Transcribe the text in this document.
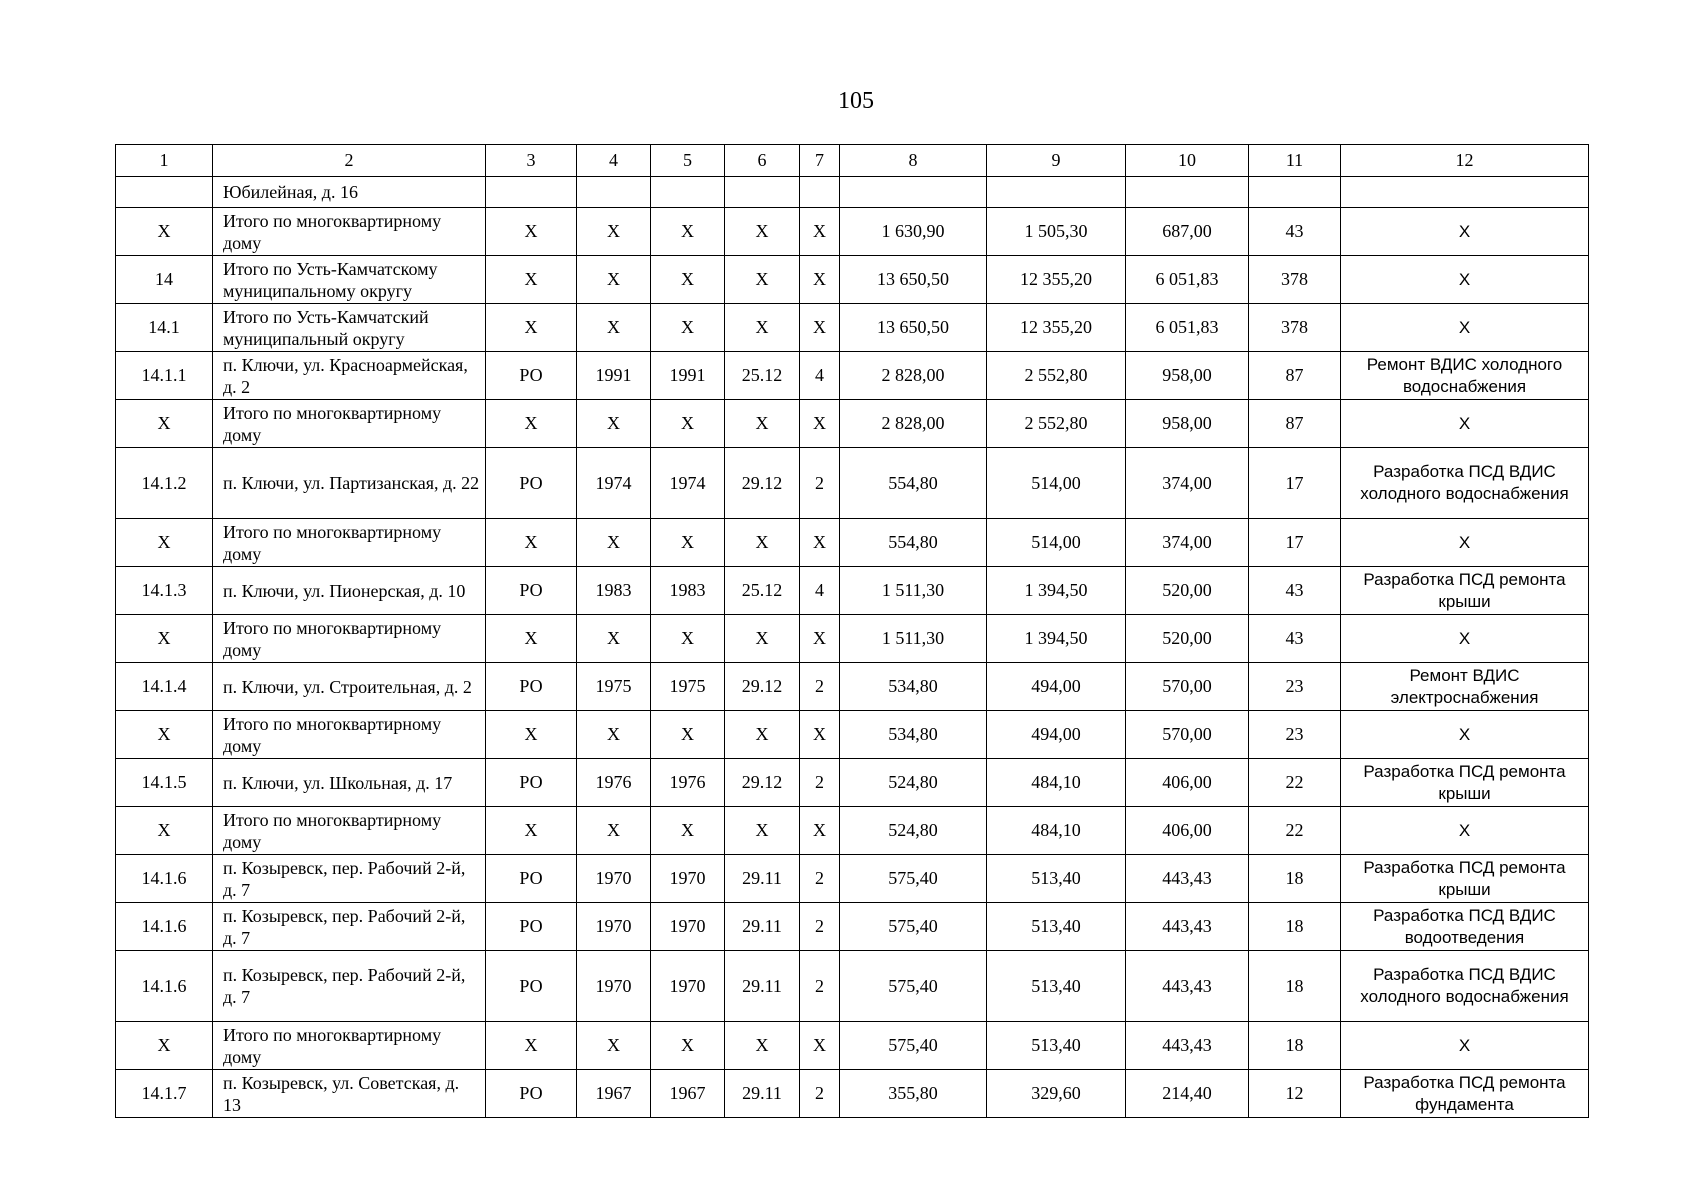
105
1	2	3	4	5	6	7	8	9	10	11	12
	Юбилейная, д. 16										
Х	Итого по многоквартирному дому	Х	Х	Х	Х	Х	1 630,90	1 505,30	687,00	43	Х
14	Итого по Усть-Камчатскому муниципальному округу	Х	Х	Х	Х	Х	13 650,50	12 355,20	6 051,83	378	Х
14.1	Итого по Усть-Камчатский муниципальный округу	Х	Х	Х	Х	Х	13 650,50	12 355,20	6 051,83	378	Х
14.1.1	п. Ключи, ул. Красноармейская, д. 2	РО	1991	1991	25.12	4	2 828,00	2 552,80	958,00	87	Ремонт ВДИС холодного водоснабжения
Х	Итого по многоквартирному дому	Х	Х	Х	Х	Х	2 828,00	2 552,80	958,00	87	Х
14.1.2	п. Ключи, ул. Партизанская, д. 22	РО	1974	1974	29.12	2	554,80	514,00	374,00	17	Разработка ПСД ВДИС холодного водоснабжения
Х	Итого по многоквартирному дому	Х	Х	Х	Х	Х	554,80	514,00	374,00	17	Х
14.1.3	п. Ключи, ул. Пионерская, д. 10	РО	1983	1983	25.12	4	1 511,30	1 394,50	520,00	43	Разработка ПСД ремонта крыши
Х	Итого по многоквартирному дому	Х	Х	Х	Х	Х	1 511,30	1 394,50	520,00	43	Х
14.1.4	п. Ключи, ул. Строительная, д. 2	РО	1975	1975	29.12	2	534,80	494,00	570,00	23	Ремонт ВДИС электроснабжения
Х	Итого по многоквартирному дому	Х	Х	Х	Х	Х	534,80	494,00	570,00	23	Х
14.1.5	п. Ключи, ул. Школьная, д. 17	РО	1976	1976	29.12	2	524,80	484,10	406,00	22	Разработка ПСД ремонта крыши
Х	Итого по многоквартирному дому	Х	Х	Х	Х	Х	524,80	484,10	406,00	22	Х
14.1.6	п. Козыревск, пер. Рабочий 2-й, д. 7	РО	1970	1970	29.11	2	575,40	513,40	443,43	18	Разработка ПСД ремонта крыши
14.1.6	п. Козыревск, пер. Рабочий 2-й, д. 7	РО	1970	1970	29.11	2	575,40	513,40	443,43	18	Разработка ПСД ВДИС водоотведения
14.1.6	п. Козыревск, пер. Рабочий 2-й, д. 7	РО	1970	1970	29.11	2	575,40	513,40	443,43	18	Разработка ПСД ВДИС холодного водоснабжения
Х	Итого по многоквартирному дому	Х	Х	Х	Х	Х	575,40	513,40	443,43	18	Х
14.1.7	п. Козыревск, ул. Советская, д. 13	РО	1967	1967	29.11	2	355,80	329,60	214,40	12	Разработка ПСД ремонта фундамента
